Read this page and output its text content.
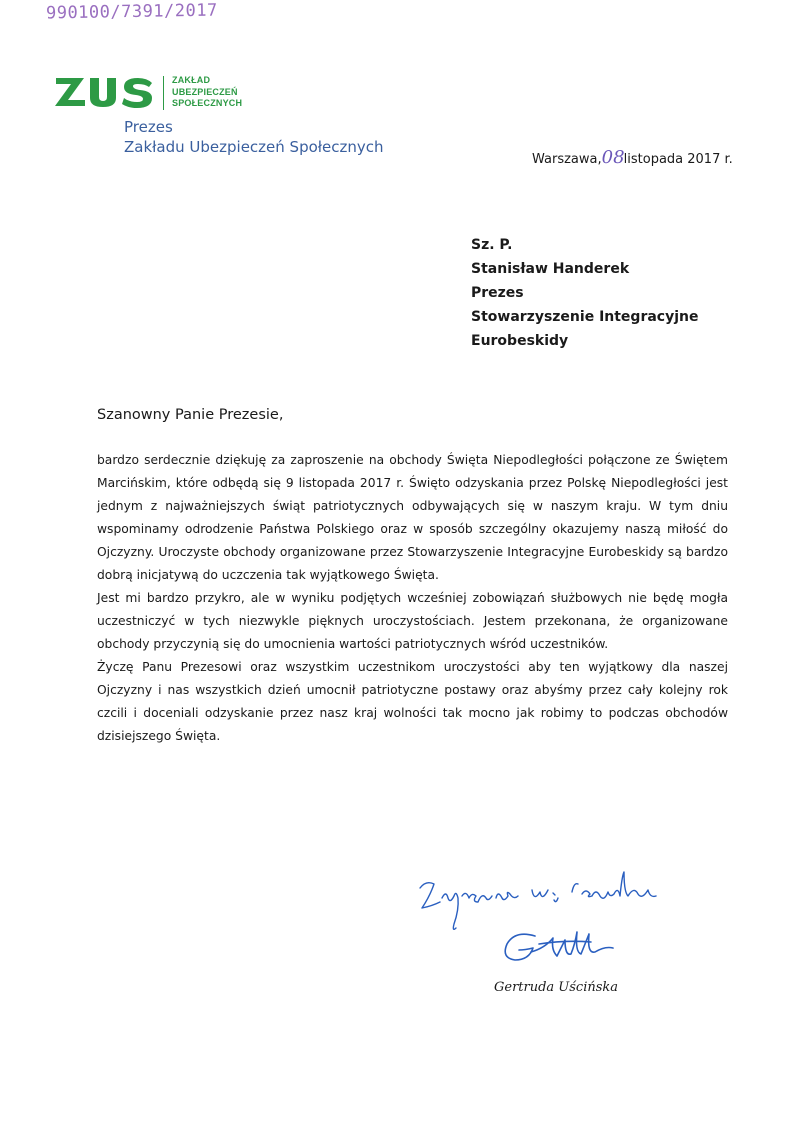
990100/7391/2017
ZAKŁAD
UBEZPIECZEŃ
SPOŁECZNYCH
Prezes
Zakładu Ubezpieczeń Społecznych
Warszawa,08listopada 2017 r.
Sz. P.
Stanisław Handerek
Prezes
Stowarzyszenie Integracyjne
Eurobeskidy
Szanowny Panie Prezesie,

bardzo serdecznie dziękuję za zaproszenie na obchody Święta Niepodległości połączone ze Świętem Marcińskim, które odbędą się 9 listopada 2017 r. Święto odzyskania przez Polskę Niepodległości jest jednym z najważniejszych świąt patriotycznych odbywających się w naszym kraju. W tym dniu wspominamy odrodzenie Państwa Polskiego oraz w sposób szczególny okazujemy naszą miłość do Ojczyzny. Uroczyste obchody organizowane przez Stowarzyszenie Integracyjne Eurobeskidy są bardzo dobrą inicjatywą do uczczenia tak wyjątkowego Święta.

Jest mi bardzo przykro, ale w wyniku podjętych wcześniej zobowiązań służbowych nie będę mogła uczestniczyć w tych niezwykle pięknych uroczystościach. Jestem przekonana, że organizowane obchody przyczynią się do umocnienia wartości patriotycznych wśród uczestników.

Życzę Panu Prezesowi oraz wszystkim uczestnikom uroczystości aby ten wyjątkowy dla naszej Ojczyzny i nas wszystkich dzień umocnił patriotyczne postawy oraz abyśmy przez cały kolejny rok czcili i doceniali odzyskanie przez nasz kraj wolności tak mocno jak robimy to podczas obchodów dzisiejszego Święta.

Gertruda Uścińska
